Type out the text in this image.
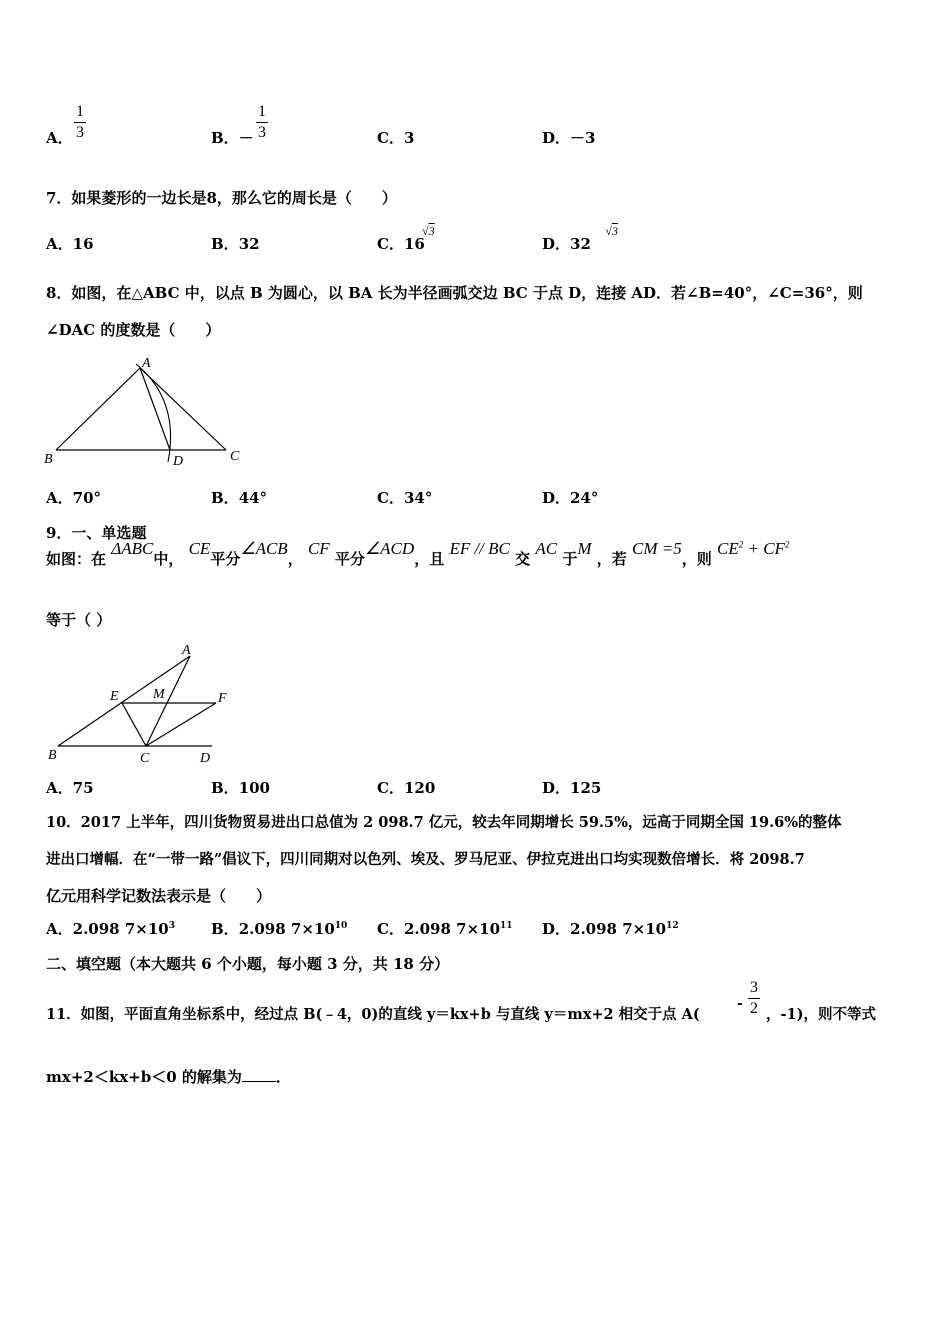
A．
1
3	B．－
1
3	C．3	D．－3
7．如果菱形的一边长是8，那么它的周长是（　　）
A．16	B．32	C．16
√ 3
D．32
√ 3
8．如图，在△ABC 中，以点 B 为圆心，以 BA 长为半径画弧交边 BC 于点 D，连接 AD．若∠B=40°，∠C=36°，则
∠DAC 的度数是（　　）
A
B	D	C
A．70°	B．44°	C．34°	D．24°
9．一、单选题
如图：在 ΔABC中， CE平分∠ACB， CF 平分∠ACD，且 EF // BC 交 AC 于M ，若 CM =5，则 $CE^2 + CF^2$
等于（ ）
A
E M	F
B	C	D
A．75	B．100	C．120	D．125
10．2017 上半年，四川货物贸易进出口总值为 2 098.7 亿元，较去年同期增长 59.5%，远高于同期全国 19.6%的整体
进出口增幅．在“一带一路”倡议下，四川同期对以色列、埃及、罗马尼亚、伊拉克进出口均实现数倍增长．将 2098.7
亿元用科学记数法表示是（　　）
A．2.098 $7\times 10^3$ B．2.098 $7\times 10^{10}$ C．2.098 $7\times 10^{11}$ D．2.098 $7\times 10^{12}$
二、填空题（本大题共 6 个小题，每小题 3 分，共 18 分）
11．如图，平面直角坐标系中，经过点 B(﹣4，0)的直线 y＝kx+b 与直线 y＝mx+2 相交于点 A(
-
3
2 ，-1)，则不等式
mx+2＜kx+b＜0 的解集为 ．
